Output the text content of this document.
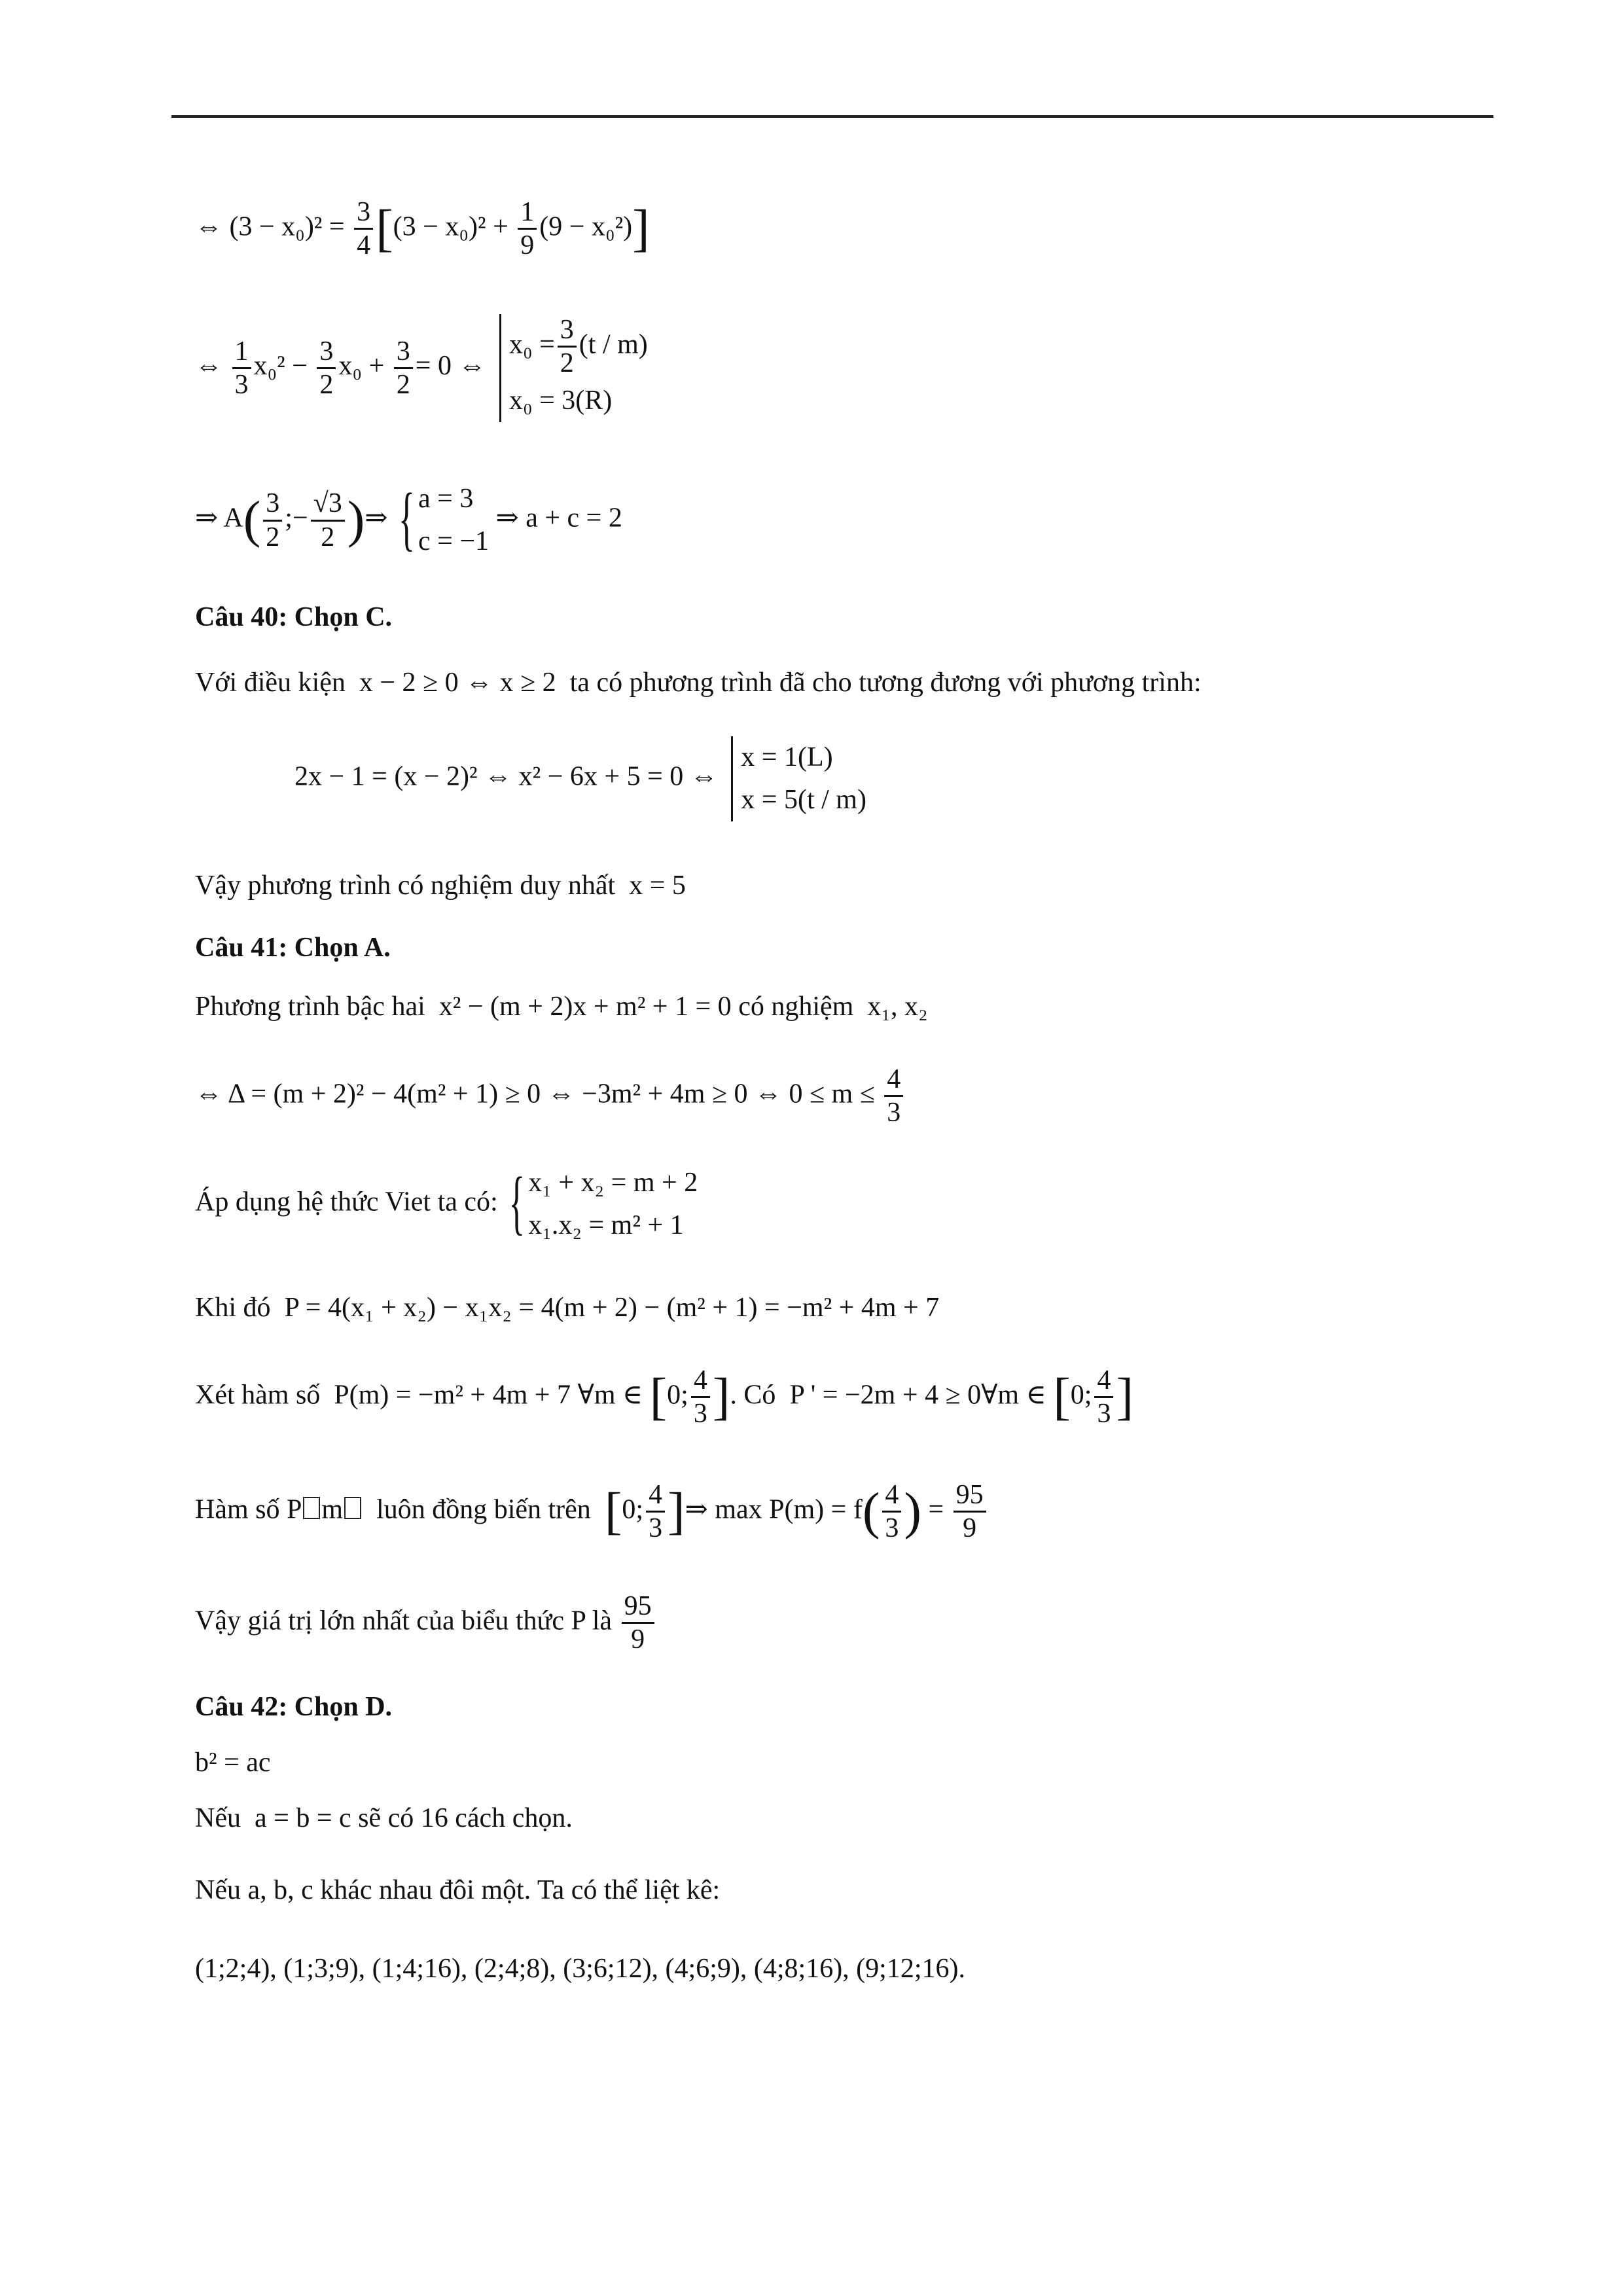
⇔ $(3 - x_0)^2 = \frac{3}{4} [(3 - x_0)^2 + \frac{1}{9} (9 - x_0^2)]$
⇔ $\frac{1}{3} x_0^2 - \frac{3}{2} x_0 + \frac{3}{2} = 0$ ⇔
$x_0 = \frac{3}{2} (t / m)$
x₀ = 3(R)
⇒ $A( \frac{3}{2}$ ;− $\frac{√3}{2}$ )⇒
{ a = 3
c = −1
⇒ a + c = 2
Câu 40: Chọn C.
Với điều kiện x − 2 ≥ 0 ⇔ x ≥ 2 ta có phương trình đã cho tương đương với phương trình:
2x − 1 = (x − 2)² ⇔ x² − 6x + 5 = 0 ⇔
x = 1(L)
x = 5(t / m)
Vậy phương trình có nghiệm duy nhất x = 5
Câu 41: Chọn A.
Phương trình bậc hai x² − (m + 2)x + m² + 1 = 0 có nghiệm x₁, x₂
⇔ Δ = (m + 2)² − 4(m² + 1) ≥ 0 ⇔ −3m² + 4m ≥ 0 ⇔ $0 \le m \le \frac{4}{3}$
Áp dụng hệ thức Viet ta có:
{ x₁ + x₂ = m + 2
x₁.x₂ = m² + 1
Khi đó P = 4(x₁ + x₂) − x₁x₂ = 4(m + 2) − (m² + 1) = −m² + 4m + 7
Xét hàm số P(m) = −m² + 4m + 7 ∀m ∈ [0; $\frac{4}{3}$ ]. Có P ' = −2m + 4 ≥ 0∀m ∈ [0; $\frac{4}{3}$ ]
Hàm số P m luôn đồng biến trên [0; $\frac{4}{3}$ ]⇒ $\max P(m) = f( \frac{4}{3}$ ) = $\frac{95}{9}$
Vậy giá trị lớn nhất của biểu thức P là $\frac{95}{9}$
Câu 42: Chọn D.
b² = ac
Nếu a = b = c sẽ có 16 cách chọn.
Nếu a, b, c khác nhau đôi một. Ta có thể liệt kê:
(1;2;4), (1;3;9), (1;4;16), (2;4;8), (3;6;12), (4;6;9), (4;8;16), (9;12;16).
